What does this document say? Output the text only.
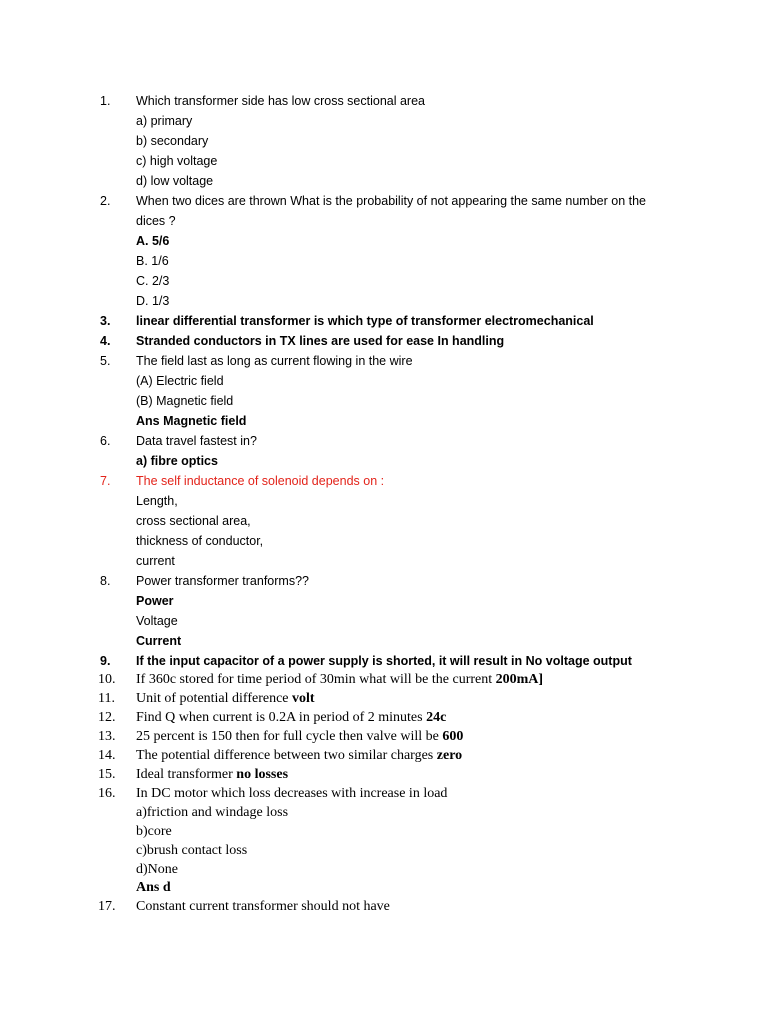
1.	Which transformer side has low cross sectional area
a) primary
b) secondary
c) high voltage
d) low voltage
2.	When two dices are thrown What is the probability of not appearing the same number on the
dices ?
A. 5/6
B. 1/6
C. 2/3
D. 1/3
3.	linear differential transformer is which type of transformer electromechanical
4.	Stranded conductors in TX lines are used for ease In handling
5.	The field last as long as current flowing in the wire
(A) Electric field
(B) Magnetic field
Ans Magnetic field
6.	Data travel fastest in?
a) fibre optics
7.	The self inductance of solenoid depends on :
Length,
cross sectional area,
thickness of conductor,
current
8.	Power transformer tranforms??
Power
Voltage
Current
9.	If the input capacitor of a power supply is shorted, it will result in No voltage output
10.	If 360c stored for time period of 30min what will be the current 200mA]
11.	Unit of potential difference volt
12.	Find Q when current is 0.2A in period of 2 minutes 24c
13.	25 percent is 150 then for full cycle then valve will be 600
14.	The potential difference between two similar charges zero
15.	Ideal transformer no losses
16.	In DC motor which loss decreases with increase in load
a)friction and windage loss
b)core
c)brush contact loss
d)None
Ans d
17.	Constant current transformer should not have
